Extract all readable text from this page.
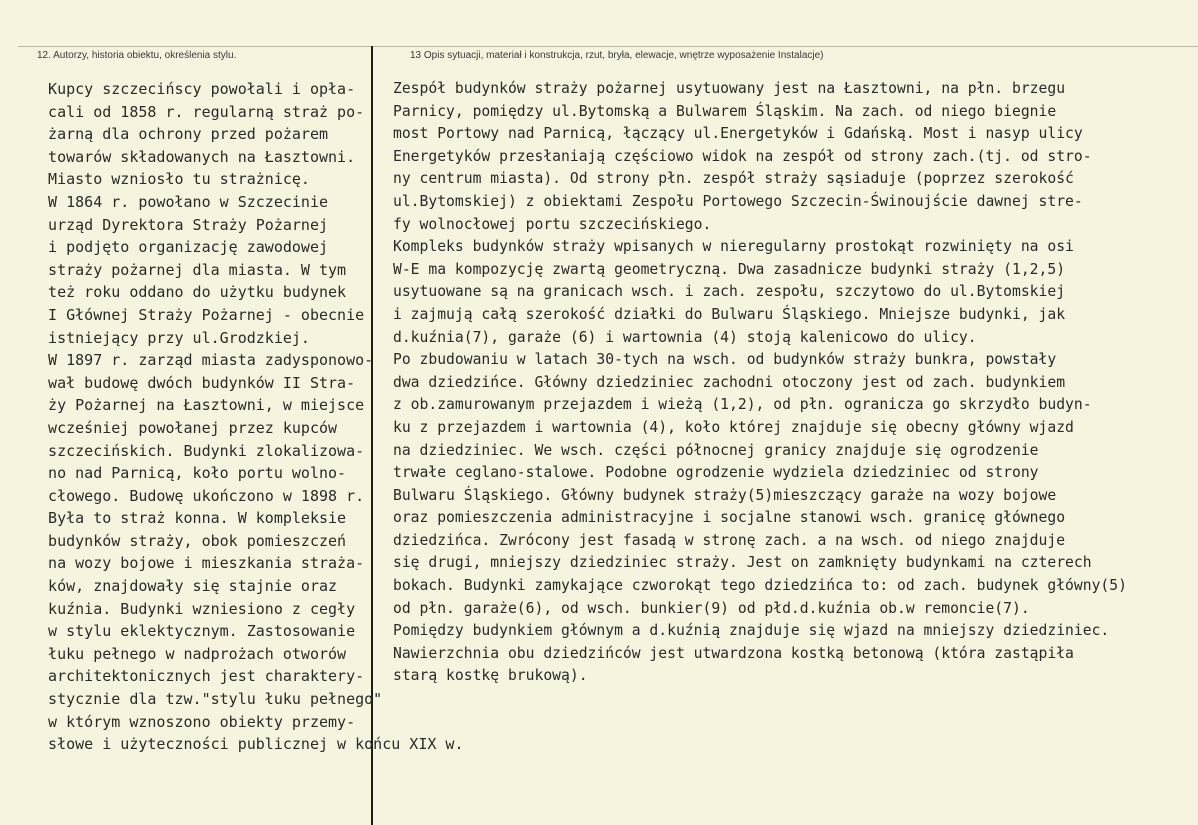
12. Autorzy, historia obiektu, określenia stylu.	13 Opis sytuacji, materiał i konstrukcja, rzut, bryła, elewacje, wnętrze wyposażenie Instalacje)
Kupcy szczecińscy powołali i opła-
cali od 1858 r. regularną straż po-
żarną dla ochrony przed pożarem
towarów składowanych na Łasztowni.
Miasto wzniosło tu strażnicę.
W 1864 r. powołano w Szczecinie
urząd Dyrektora Straży Pożarnej
i podjęto organizację zawodowej
straży pożarnej dla miasta. W tym
też roku oddano do użytku budynek
I Głównej Straży Pożarnej - obecnie
istniejący przy ul.Grodzkiej.
W 1897 r. zarząd miasta zadysponowo-
wał budowę dwóch budynków II Stra-
ży Pożarnej na Łasztowni, w miejsce
wcześniej powołanej przez kupców
szczecińskich. Budynki zlokalizowa-
no nad Parnicą, koło portu wolno-
cłowego. Budowę ukończono w 1898 r.
Była to straż konna. W kompleksie
budynków straży, obok pomieszczeń
na wozy bojowe i mieszkania straża-
ków, znajdowały się stajnie oraz
kuźnia. Budynki wzniesiono z cegły
w stylu eklektycznym. Zastosowanie
łuku pełnego w nadprożach otworów
architektonicznych jest charaktery-
stycznie dla tzw."stylu łuku pełnego"
w którym wznoszono obiekty przemy-
słowe i użyteczności publicznej w końcu XIX w.
Zespół budynków straży pożarnej usytuowany jest na Łasztowni, na płn. brzegu
Parnicy, pomiędzy ul.Bytomską a Bulwarem Śląskim. Na zach. od niego biegnie
most Portowy nad Parnicą, łączący ul.Energetyków i Gdańską. Most i nasyp ulicy
Energetyków przesłaniają częściowo widok na zespół od strony zach.(tj. od stro-
ny centrum miasta). Od strony płn. zespół straży sąsiaduje (poprzez szerokość
ul.Bytomskiej) z obiektami Zespołu Portowego Szczecin-Świnoujście dawnej stre-
fy wolnocłowej portu szczecińskiego.
Kompleks budynków straży wpisanych w nieregularny prostokąt rozwinięty na osi
W-E ma kompozycję zwartą geometryczną. Dwa zasadnicze budynki straży (1,2,5)
usytuowane są na granicach wsch. i zach. zespołu, szczytowo do ul.Bytomskiej
i zajmują całą szerokość działki do Bulwaru Śląskiego. Mniejsze budynki, jak
d.kuźnia(7), garaże (6) i wartownia (4) stoją kalenicowo do ulicy.
Po zbudowaniu w latach 30-tych na wsch. od budynków straży bunkra, powstały
dwa dziedzińce. Główny dziedziniec zachodni otoczony jest od zach. budynkiem
z ob.zamurowanym przejazdem i wieżą (1,2), od płn. ogranicza go skrzydło budyn-
ku z przejazdem i wartownia (4), koło której znajduje się obecny główny wjazd
na dziedziniec. We wsch. części północnej granicy znajduje się ogrodzenie
trwałe ceglano-stalowe. Podobne ogrodzenie wydziela dziedziniec od strony
Bulwaru Śląskiego. Główny budynek straży(5)mieszczący garaże na wozy bojowe
oraz pomieszczenia administracyjne i socjalne stanowi wsch. granicę głównego
dziedzińca. Zwrócony jest fasadą w stronę zach. a na wsch. od niego znajduje
się drugi, mniejszy dziedziniec straży. Jest on zamknięty budynkami na czterech
bokach. Budynki zamykające czworokąt tego dziedzińca to: od zach. budynek główny(5)
od płn. garaże(6), od wsch. bunkier(9) od płd.d.kuźnia ob.w remoncie(7).
Pomiędzy budynkiem głównym a d.kuźnią znajduje się wjazd na mniejszy dziedziniec.
Nawierzchnia obu dziedzińców jest utwardzona kostką betonową (która zastąpiła
starą kostkę brukową).
